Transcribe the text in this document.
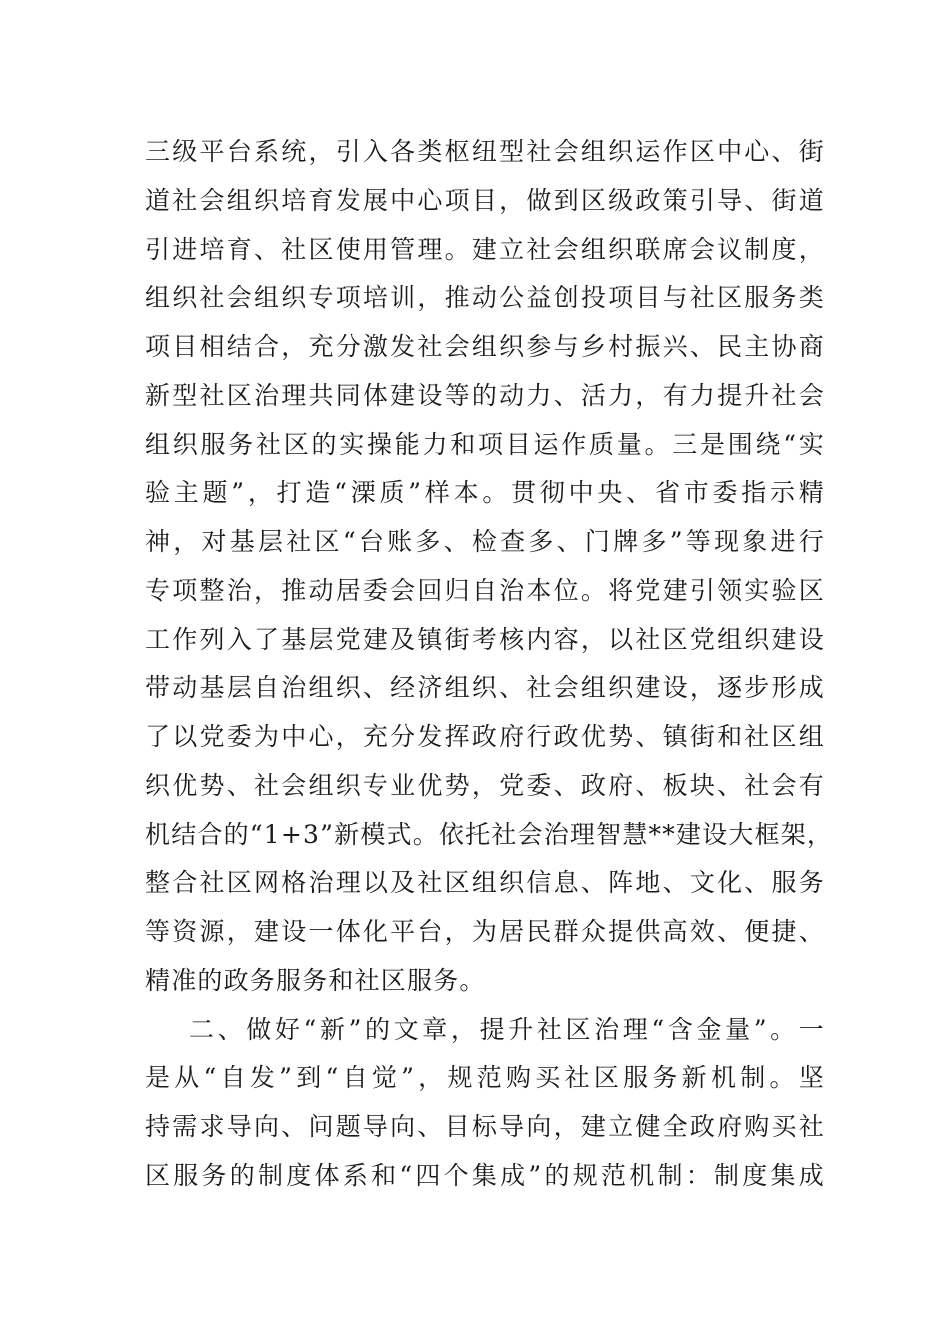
三级平台系统，引入各类枢纽型社会组织运作区中心、街
道社会组织培育发展中心项目，做到区级政策引导、街道
引进培育、社区使用管理。建立社会组织联席会议制度，
组织社会组织专项培训，推动公益创投项目与社区服务类
项目相结合，充分激发社会组织参与乡村振兴、民主协商
新型社区治理共同体建设等的动力、活力，有力提升社会
组织服务社区的实操能力和项目运作质量。三是围绕“实
验主题”，打造“溧质”样本。贯彻中央、省市委指示精
神，对基层社区“台账多、检查多、门牌多”等现象进行
专项整治，推动居委会回归自治本位。将党建引领实验区
工作列入了基层党建及镇街考核内容，以社区党组织建设
带动基层自治组织、经济组织、社会组织建设，逐步形成
了以党委为中心，充分发挥政府行政优势、镇街和社区组
织优势、社会组织专业优势，党委、政府、板块、社会有
机结合的“1+3”新模式。依托社会治理智慧**建设大框架，
整合社区网格治理以及社区组织信息、阵地、文化、服务
等资源，建设一体化平台，为居民群众提供高效、便捷、
精准的政务服务和社区服务。
二、做好“新”的文章，提升社区治理“含金量”。一
是从“自发”到“自觉”，规范购买社区服务新机制。坚
持需求导向、问题导向、目标导向，建立健全政府购买社
区服务的制度体系和“四个集成”的规范机制：制度集成
